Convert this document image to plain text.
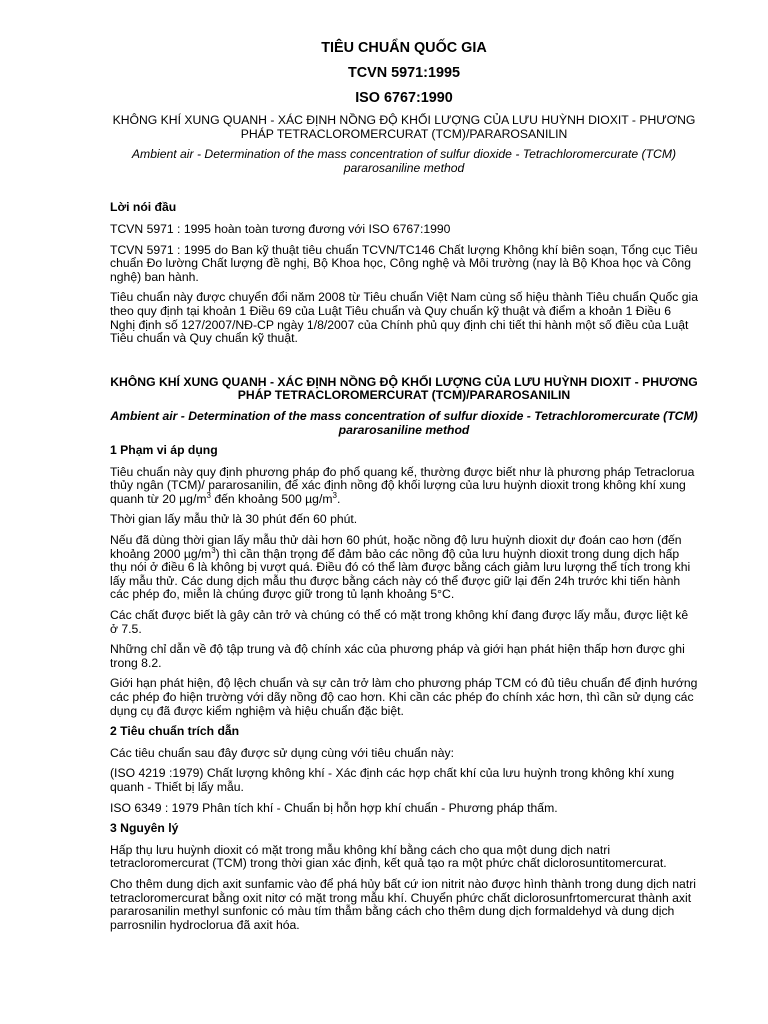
TIÊU CHUẨN QUỐC GIA

TCVN 5971:1995

ISO 6767:1990

KHÔNG KHÍ XUNG QUANH - XÁC ĐỊNH NỒNG ĐỘ KHỐI LƯỢNG CỦA LƯU HUỲNH DIOXIT - PHƯƠNG PHÁP TETRACLOROMERCURAT (TCM)/PARAROSANILIN

Ambient air - Determination of the mass concentration of sulfur dioxide - Tetrachloromercurate (TCM) pararosaniline method

Lời nói đầu

TCVN 5971 : 1995 hoàn toàn tương đương với ISO 6767:1990

TCVN 5971 : 1995 do Ban kỹ thuật tiêu chuẩn TCVN/TC146 Chất lượng Không khí biên soạn, Tổng cục Tiêu chuẩn Đo lường Chất lượng đề nghị, Bộ Khoa học, Công nghệ và Môi trường (nay là Bộ Khoa học và Công nghệ) ban hành.

Tiêu chuẩn này được chuyển đổi năm 2008 từ Tiêu chuẩn Việt Nam cùng số hiệu thành Tiêu chuẩn Quốc gia theo quy định tại khoản 1 Điều 69 của Luật Tiêu chuẩn và Quy chuẩn kỹ thuật và điểm a khoản 1 Điều 6 Nghị định số 127/2007/NĐ-CP ngày 1/8/2007 của Chính phủ quy định chi tiết thi hành một số điều của Luật Tiêu chuẩn và Quy chuẩn kỹ thuật.

KHÔNG KHÍ XUNG QUANH - XÁC ĐỊNH NỒNG ĐỘ KHỐI LƯỢNG CỦA LƯU HUỲNH DIOXIT - PHƯƠNG PHÁP TETRACLOROMERCURAT (TCM)/PARAROSANILIN

Ambient air - Determination of the mass concentration of sulfur dioxide - Tetrachloromercurate (TCM) pararosaniline method

1 Phạm vi áp dụng

Tiêu chuẩn này quy định phương pháp đo phổ quang kế, thường được biết như là phương pháp Tetraclorua thủy ngân (TCM)/ pararosanilin, để xác định nồng độ khối lượng của lưu huỳnh dioxit trong không khí xung quanh từ 20 $\mu g/m^3$ đến khoảng 500 $\mu g/m^3$.

Thời gian lấy mẫu thử là 30 phút đến 60 phút.

Nếu đã dùng thời gian lấy mẫu thử dài hơn 60 phút, hoặc nồng độ lưu huỳnh dioxit dự đoán cao hơn (đến khoảng 2000 $\mu g/m^3$) thì cần thận trọng để đảm bảo các nồng độ của lưu huỳnh dioxit trong dung dịch hấp thụ nói ở điều 6 là không bị vượt quá. Điều đó có thể làm được bằng cách giảm lưu lượng thể tích trong khi lấy mẫu thử. Các dung dịch mẫu thu được bằng cách này có thể được giữ lại đến 24h trước khi tiến hành các phép đo, miễn là chúng được giữ trong tủ lạnh khoảng 5°C.

Các chất được biết là gây cản trở và chúng có thể có mặt trong không khí đang được lấy mẫu, được liệt kê ở 7.5.

Những chỉ dẫn về độ tập trung và độ chính xác của phương pháp và giới hạn phát hiện thấp hơn được ghi trong 8.2.

Giới hạn phát hiện, độ lệch chuẩn và sự cản trở làm cho phương pháp TCM có đủ tiêu chuẩn để định hướng các phép đo hiện trường với dãy nồng độ cao hơn. Khi cần các phép đo chính xác hơn, thì cần sử dụng các dụng cụ đã được kiểm nghiệm và hiệu chuẩn đặc biệt.

2 Tiêu chuẩn trích dẫn

Các tiêu chuẩn sau đây được sử dụng cùng với tiêu chuẩn này:

(ISO 4219 :1979) Chất lượng không khí - Xác định các hợp chất khí của lưu huỳnh trong không khí xung quanh - Thiết bị lấy mẫu.

ISO 6349 : 1979 Phân tích khí - Chuẩn bị hỗn hợp khí chuẩn - Phương pháp thấm.

3 Nguyên lý

Hấp thụ lưu huỳnh dioxit có mặt trong mẫu không khí bằng cách cho qua một dung dịch natri tetracloromercurat (TCM) trong thời gian xác định, kết quả tạo ra một phức chất diclorosuntitomercurat.

Cho thêm dung dịch axit sunfamic vào để phá hủy bất cứ ion nitrit nào được hình thành trong dung dịch natri tetracloromercurat bằng oxit nitơ có mặt trong mẫu khí. Chuyển phức chất diclorosunfrtomercurat thành axit pararosanilin methyl sunfonic có màu tím thẫm bằng cách cho thêm dung dịch formaldehyd và dung dịch parrosnilin hydroclorua đã axit hóa.
